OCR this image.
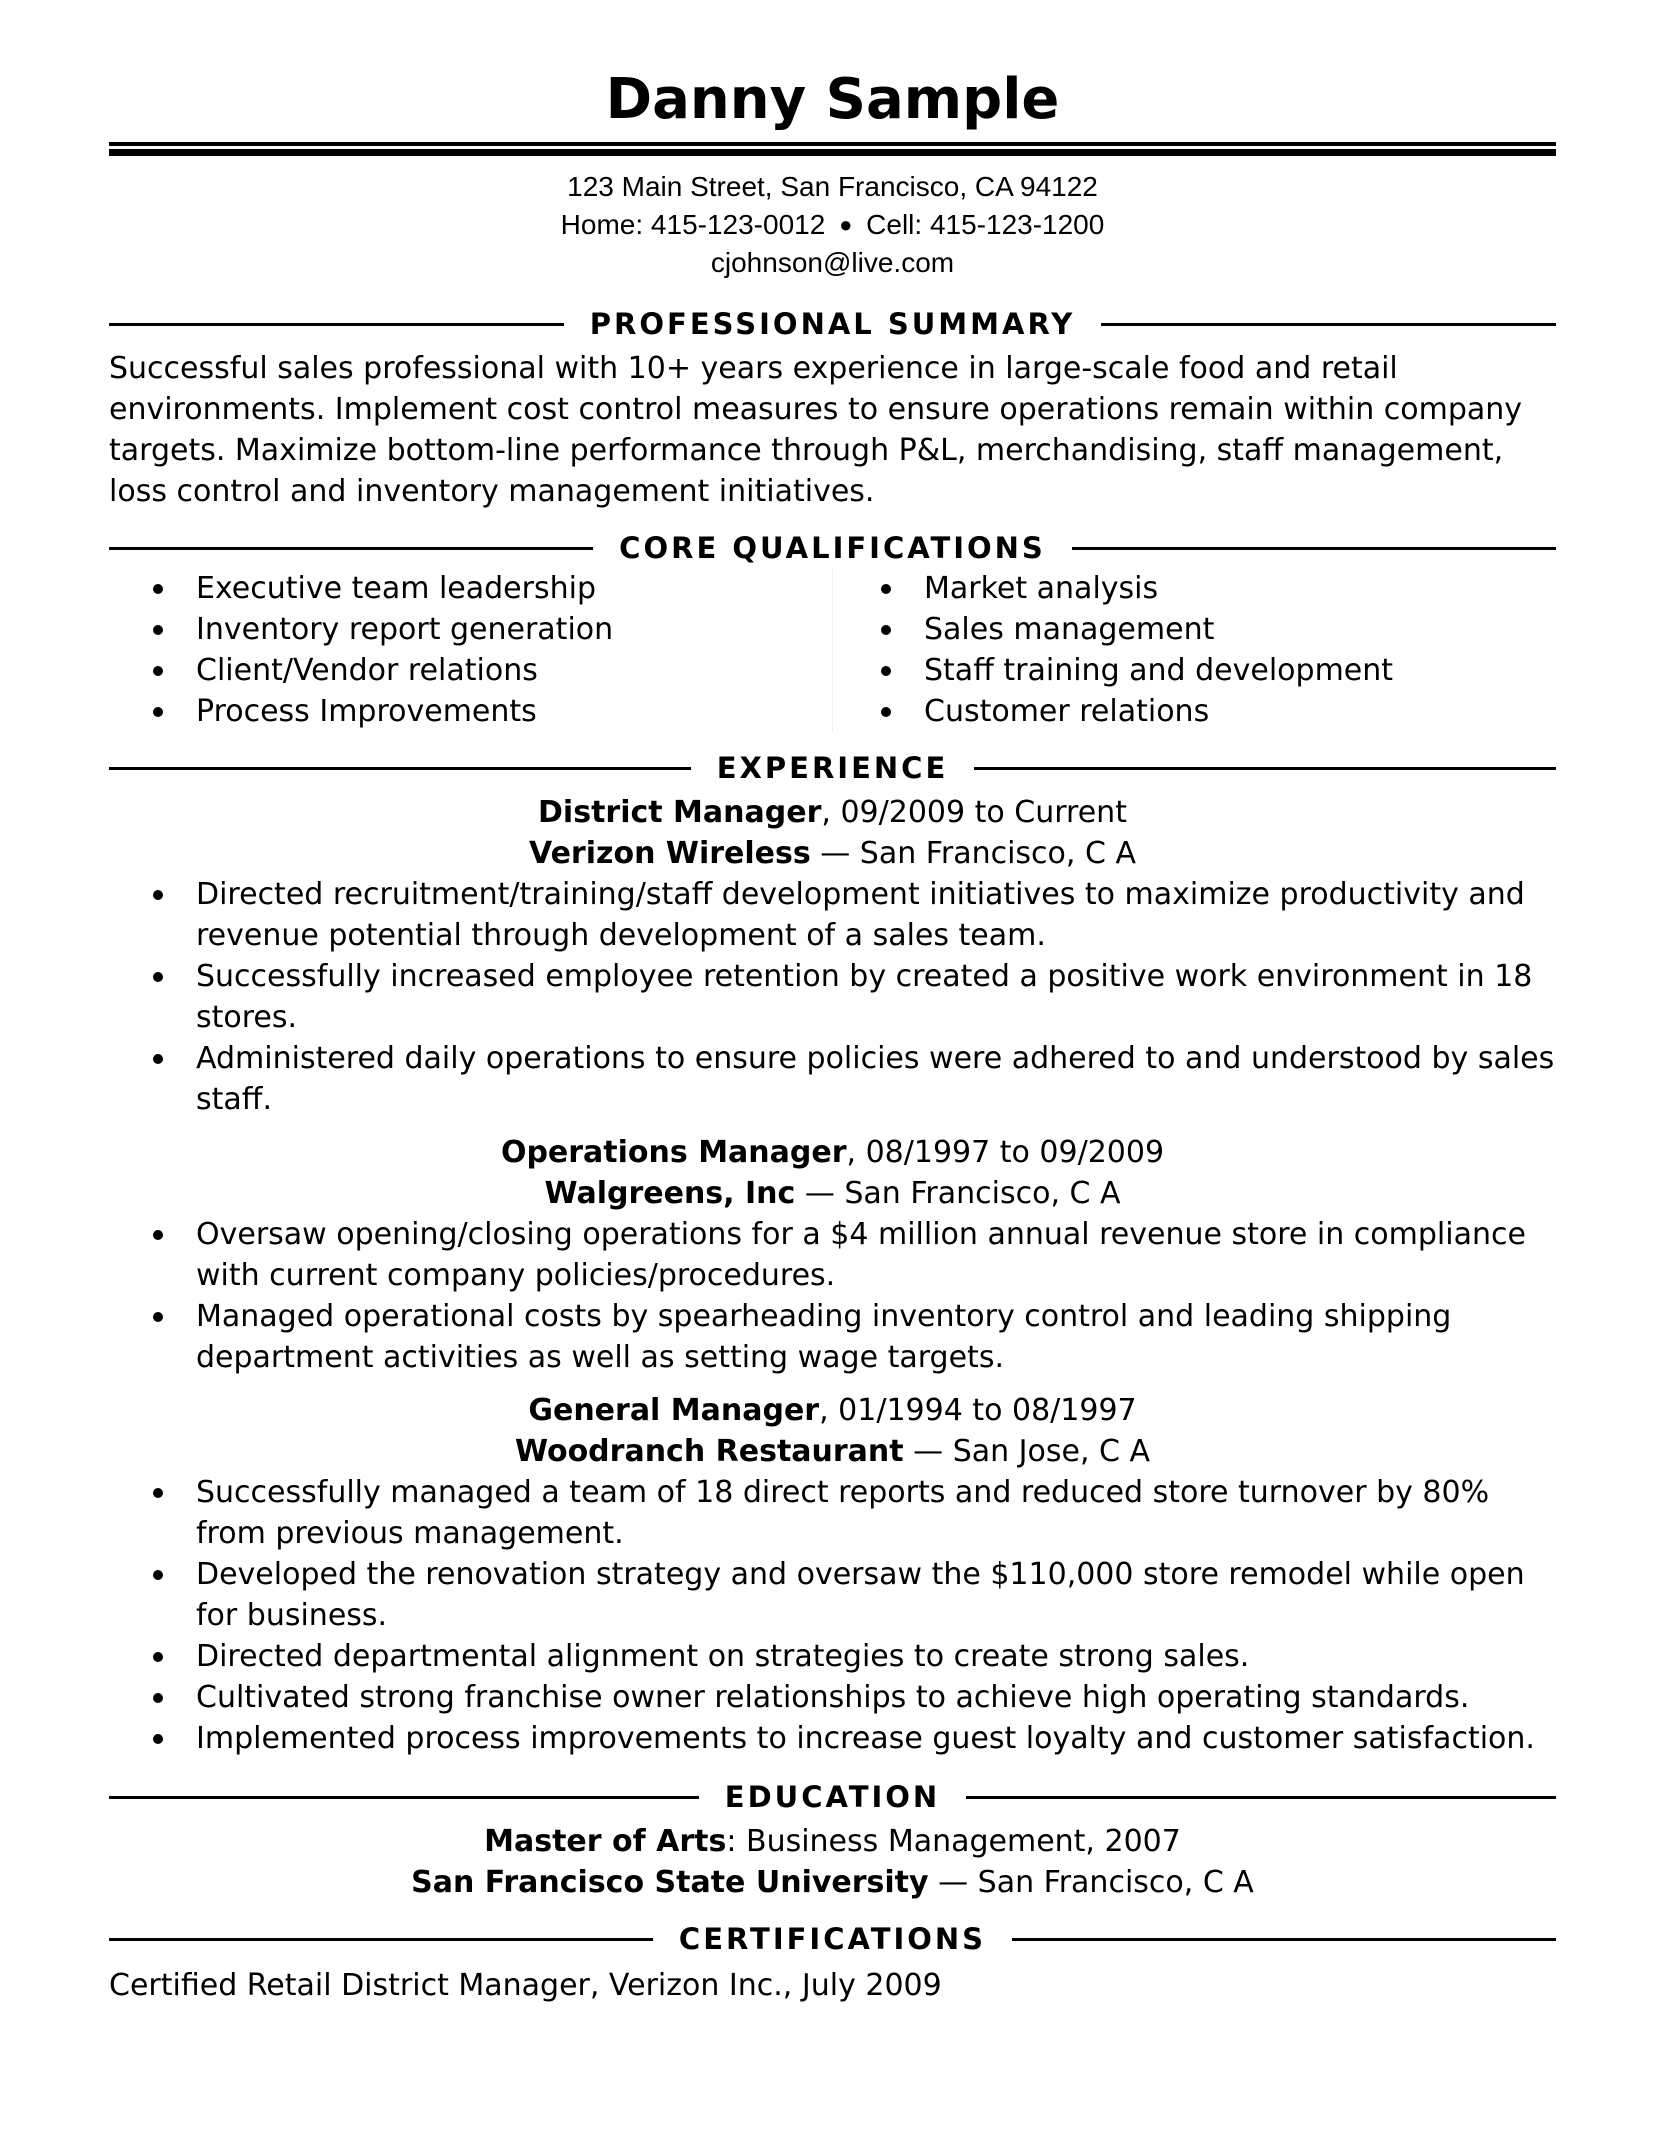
Danny Sample
123 Main Street, San Francisco, CA 94122
Home: 415-123-0012 ● Cell: 415-123-1200
cjohnson@live.com
PROFESSIONAL SUMMARY
Successful sales professional with 10+ years experience in large-scale food and retail environments. Implement cost control measures to ensure operations remain within company targets. Maximize bottom-line performance through P&L, merchandising, staff management, loss control and inventory management initiatives.
CORE QUALIFICATIONS
Executive team leadership
Inventory report generation
Client/Vendor relations
Process Improvements
Market analysis
Sales management
Staff training and development
Customer relations
EXPERIENCE
District Manager, 09/2009 to Current
Verizon Wireless — San Francisco, C A
Directed recruitment/training/staff development initiatives to maximize productivity and revenue potential through development of a sales team.
Successfully increased employee retention by created a positive work environment in 18 stores.
Administered daily operations to ensure policies were adhered to and understood by sales staff.
Operations Manager, 08/1997 to 09/2009
Walgreens, Inc — San Francisco, C A
Oversaw opening/closing operations for a $4 million annual revenue store in compliance with current company policies/procedures.
Managed operational costs by spearheading inventory control and leading shipping department activities as well as setting wage targets.
General Manager, 01/1994 to 08/1997
Woodranch Restaurant — San Jose, C A
Successfully managed a team of 18 direct reports and reduced store turnover by 80% from previous management.
Developed the renovation strategy and oversaw the $110,000 store remodel while open for business.
Directed departmental alignment on strategies to create strong sales.
Cultivated strong franchise owner relationships to achieve high operating standards.
Implemented process improvements to increase guest loyalty and customer satisfaction.
EDUCATION
Master of Arts: Business Management, 2007
San Francisco State University — San Francisco, C A
CERTIFICATIONS
Certified Retail District Manager, Verizon Inc., July 2009
